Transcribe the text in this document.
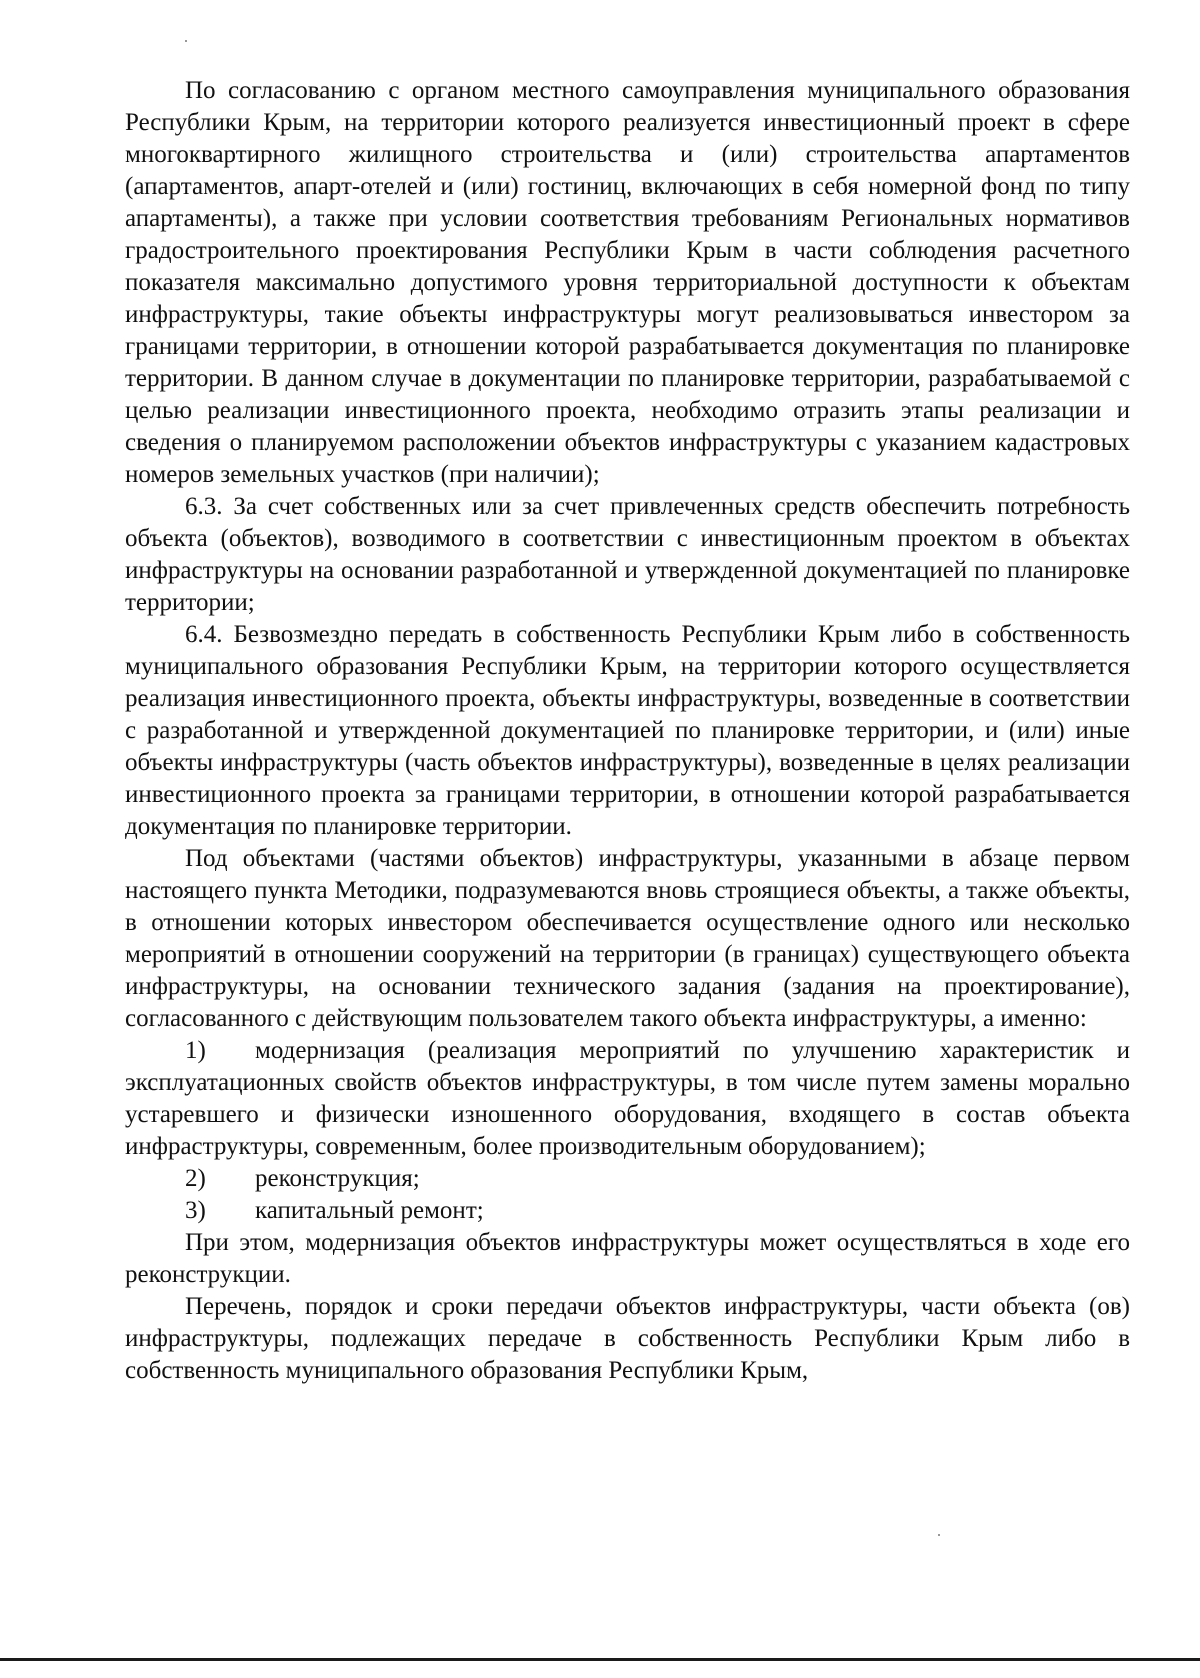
По согласованию с органом местного самоуправления муниципального образования Республики Крым, на территории которого реализуется инвестиционный проект в сфере многоквартирного жилищного строительства и (или) строительства апартаментов (апартаментов, апарт-отелей и (или) гостиниц, включающих в себя номерной фонд по типу апартаменты), а также при условии соответствия требованиям Региональных нормативов градостроительного проектирования Республики Крым в части соблюдения расчетного показателя максимально допустимого уровня территориальной доступности к объектам инфраструктуры, такие объекты инфраструктуры могут реализовываться инвестором за границами территории, в отношении которой разрабатывается документация по планировке территории. В данном случае в документации по планировке территории, разрабатываемой с целью реализации инвестиционного проекта, необходимо отразить этапы реализации и сведения о планируемом расположении объектов инфраструктуры с указанием кадастровых номеров земельных участков (при наличии);

6.3. За счет собственных или за счет привлеченных средств обеспечить потребность объекта (объектов), возводимого в соответствии с инвестиционным проектом в объектах инфраструктуры на основании разработанной и утвержденной документацией по планировке территории;

6.4. Безвозмездно передать в собственность Республики Крым либо в собственность муниципального образования Республики Крым, на территории которого осуществляется реализация инвестиционного проекта, объекты инфраструктуры, возведенные в соответствии с разработанной и утвержденной документацией по планировке территории, и (или) иные объекты инфраструктуры (часть объектов инфраструктуры), возведенные в целях реализации инвестиционного проекта за границами территории, в отношении которой разрабатывается документация по планировке территории.

Под объектами (частями объектов) инфраструктуры, указанными в абзаце первом настоящего пункта Методики, подразумеваются вновь строящиеся объекты, а также объекты, в отношении которых инвестором обеспечивается осуществление одного или несколько мероприятий в отношении сооружений на территории (в границах) существующего объекта инфраструктуры, на основании технического задания (задания на проектирование), согласованного с действующим пользователем такого объекта инфраструктуры, а именно:

1) модернизация (реализация мероприятий по улучшению характеристик и эксплуатационных свойств объектов инфраструктуры, в том числе путем замены морально устаревшего и физически изношенного оборудования, входящего в состав объекта инфраструктуры, современным, более производительным оборудованием);

2) реконструкция;

3) капитальный ремонт;

При этом, модернизация объектов инфраструктуры может осуществляться в ходе его реконструкции.

Перечень, порядок и сроки передачи объектов инфраструктуры, части объекта (ов) инфраструктуры, подлежащих передаче в собственность Республики Крым либо в собственность муниципального образования Республики Крым,
